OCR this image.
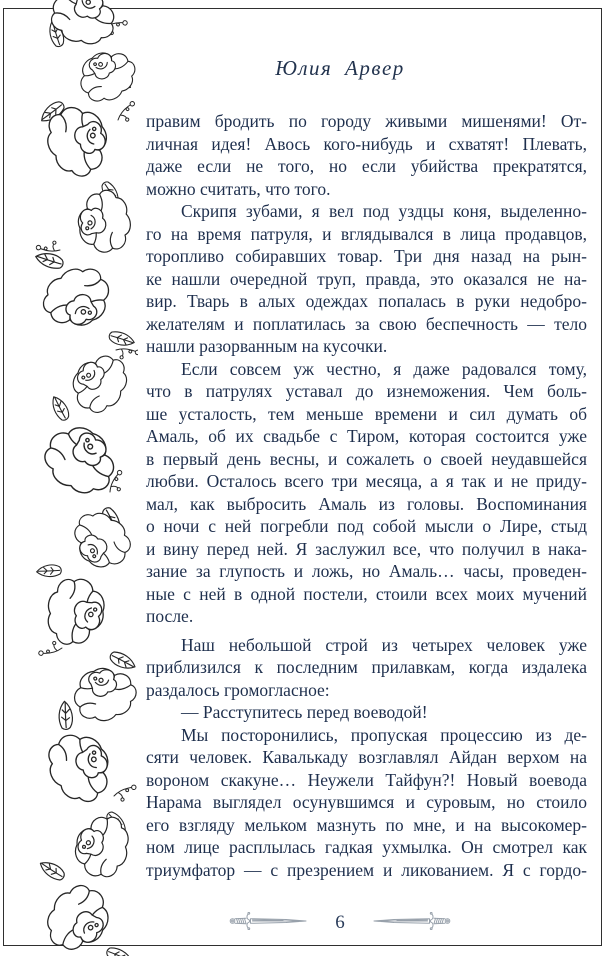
Юлия Арвер
правим бродить по городу живыми мишенями! От-
личная идея! Авось кого-нибудь и схватят! Плевать,
даже если не того, но если убийства прекратятся,
можно считать, что того.
Скрипя зубами, я вел под уздцы коня, выделенно-
го на время патруля, и вглядывался в лица продавцов,
торопливо собиравших товар. Три дня назад на рын-
ке нашли очередной труп, правда, это оказался не на-
вир. Тварь в алых одеждах попалась в руки недобро-
желателям и поплатилась за свою беспечность — тело
нашли разорванным на кусочки.
Если совсем уж честно, я даже радовался тому,
что в патрулях уставал до изнеможения. Чем боль-
ше усталость, тем меньше времени и сил думать об
Амаль, об их свадьбе с Тиром, которая состоится уже
в первый день весны, и сожалеть о своей неудавшейся
любви. Осталось всего три месяца, а я так и не приду-
мал, как выбросить Амаль из головы. Воспоминания
о ночи с ней погребли под собой мысли о Лире, стыд
и вину перед ней. Я заслужил все, что получил в нака-
зание за глупость и ложь, но Амаль… часы, проведен-
ные с ней в одной постели, стоили всех моих мучений
после.
Наш небольшой строй из четырех человек уже
приблизился к последним прилавкам, когда издалека
раздалось громогласное:
— Расступитесь перед воеводой!
Мы посторонились, пропуская процессию из де-
сяти человек. Кавалькаду возглавлял Айдан верхом на
вороном скакуне… Неужели Тайфун?! Новый воевода
Нарама выглядел осунувшимся и суровым, но стоило
его взгляду мельком мазнуть по мне, и на высокомер-
ном лице расплылась гадкая ухмылка. Он смотрел как
триумфатор — с презрением и ликованием. Я с гордо-
6
